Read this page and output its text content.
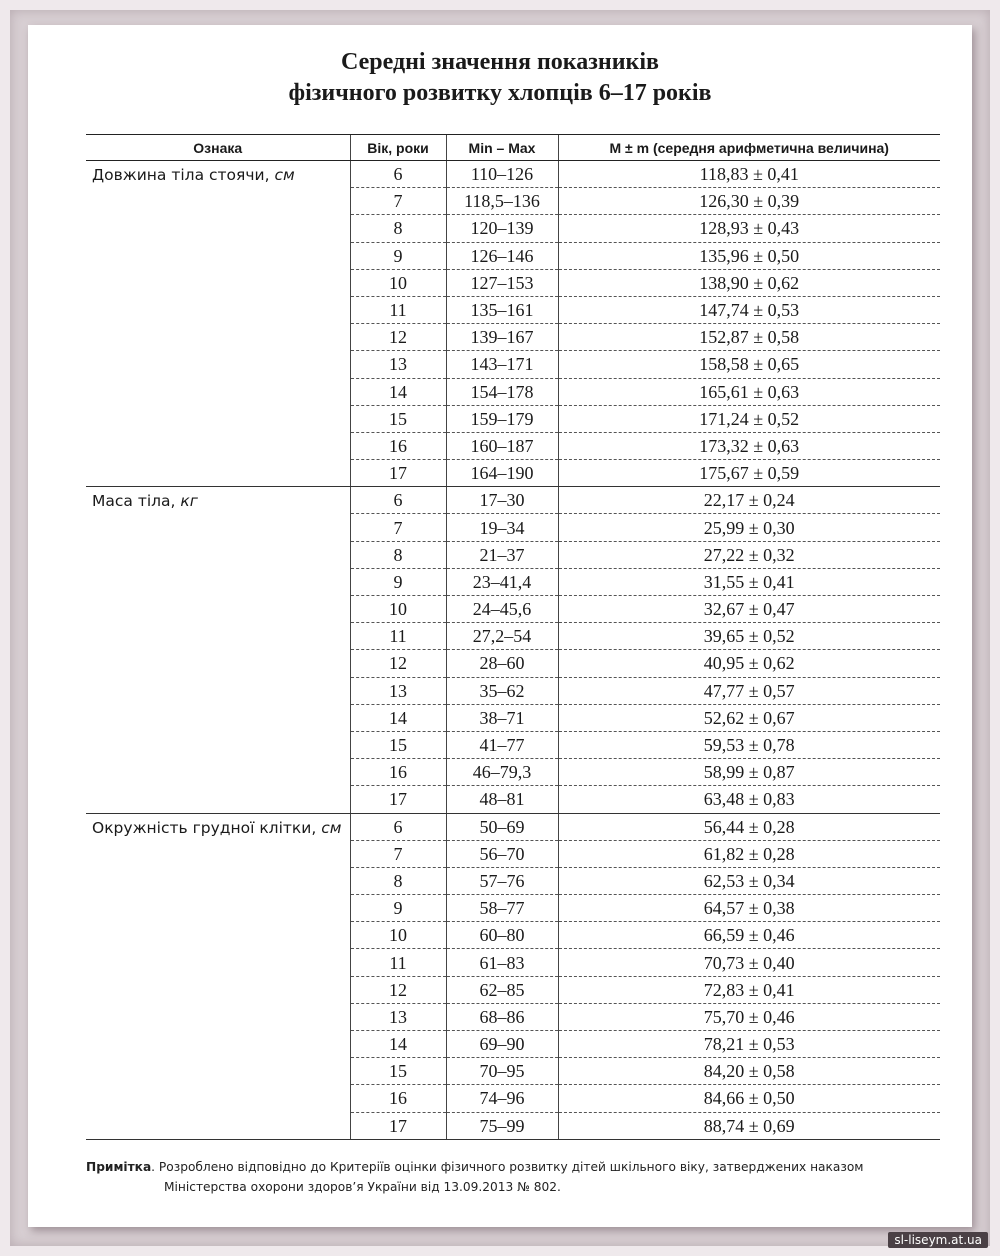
Середні значення показників
фізичного розвитку хлопців 6–17 років
Ознака	Вік, роки	Min – Max	M ± m (середня арифметична величина)
Довжина тіла стоячи, см	6	110–126	118,83 ± 0,41
	7	118,5–136	126,30 ± 0,39
	8	120–139	128,93 ± 0,43
	9	126–146	135,96 ± 0,50
	10	127–153	138,90 ± 0,62
	11	135–161	147,74 ± 0,53
	12	139–167	152,87 ± 0,58
	13	143–171	158,58 ± 0,65
	14	154–178	165,61 ± 0,63
	15	159–179	171,24 ± 0,52
	16	160–187	173,32 ± 0,63
	17	164–190	175,67 ± 0,59
Маса тіла, кг	6	17–30	22,17 ± 0,24
	7	19–34	25,99 ± 0,30
	8	21–37	27,22 ± 0,32
	9	23–41,4	31,55 ± 0,41
	10	24–45,6	32,67 ± 0,47
	11	27,2–54	39,65 ± 0,52
	12	28–60	40,95 ± 0,62
	13	35–62	47,77 ± 0,57
	14	38–71	52,62 ± 0,67
	15	41–77	59,53 ± 0,78
	16	46–79,3	58,99 ± 0,87
	17	48–81	63,48 ± 0,83
Окружність грудної клітки, см	6	50–69	56,44 ± 0,28
	7	56–70	61,82 ± 0,28
	8	57–76	62,53 ± 0,34
	9	58–77	64,57 ± 0,38
	10	60–80	66,59 ± 0,46
	11	61–83	70,73 ± 0,40
	12	62–85	72,83 ± 0,41
	13	68–86	75,70 ± 0,46
	14	69–90	78,21 ± 0,53
	15	70–95	84,20 ± 0,58
	16	74–96	84,66 ± 0,50
	17	75–99	88,74 ± 0,69
Примітка. Розроблено відповідно до Критеріїв оцінки фізичного розвитку дітей шкільного віку, затверджених наказом
Міністерства охорони здоров’я України від 13.09.2013 № 802.
sl-liseym.at.ua
